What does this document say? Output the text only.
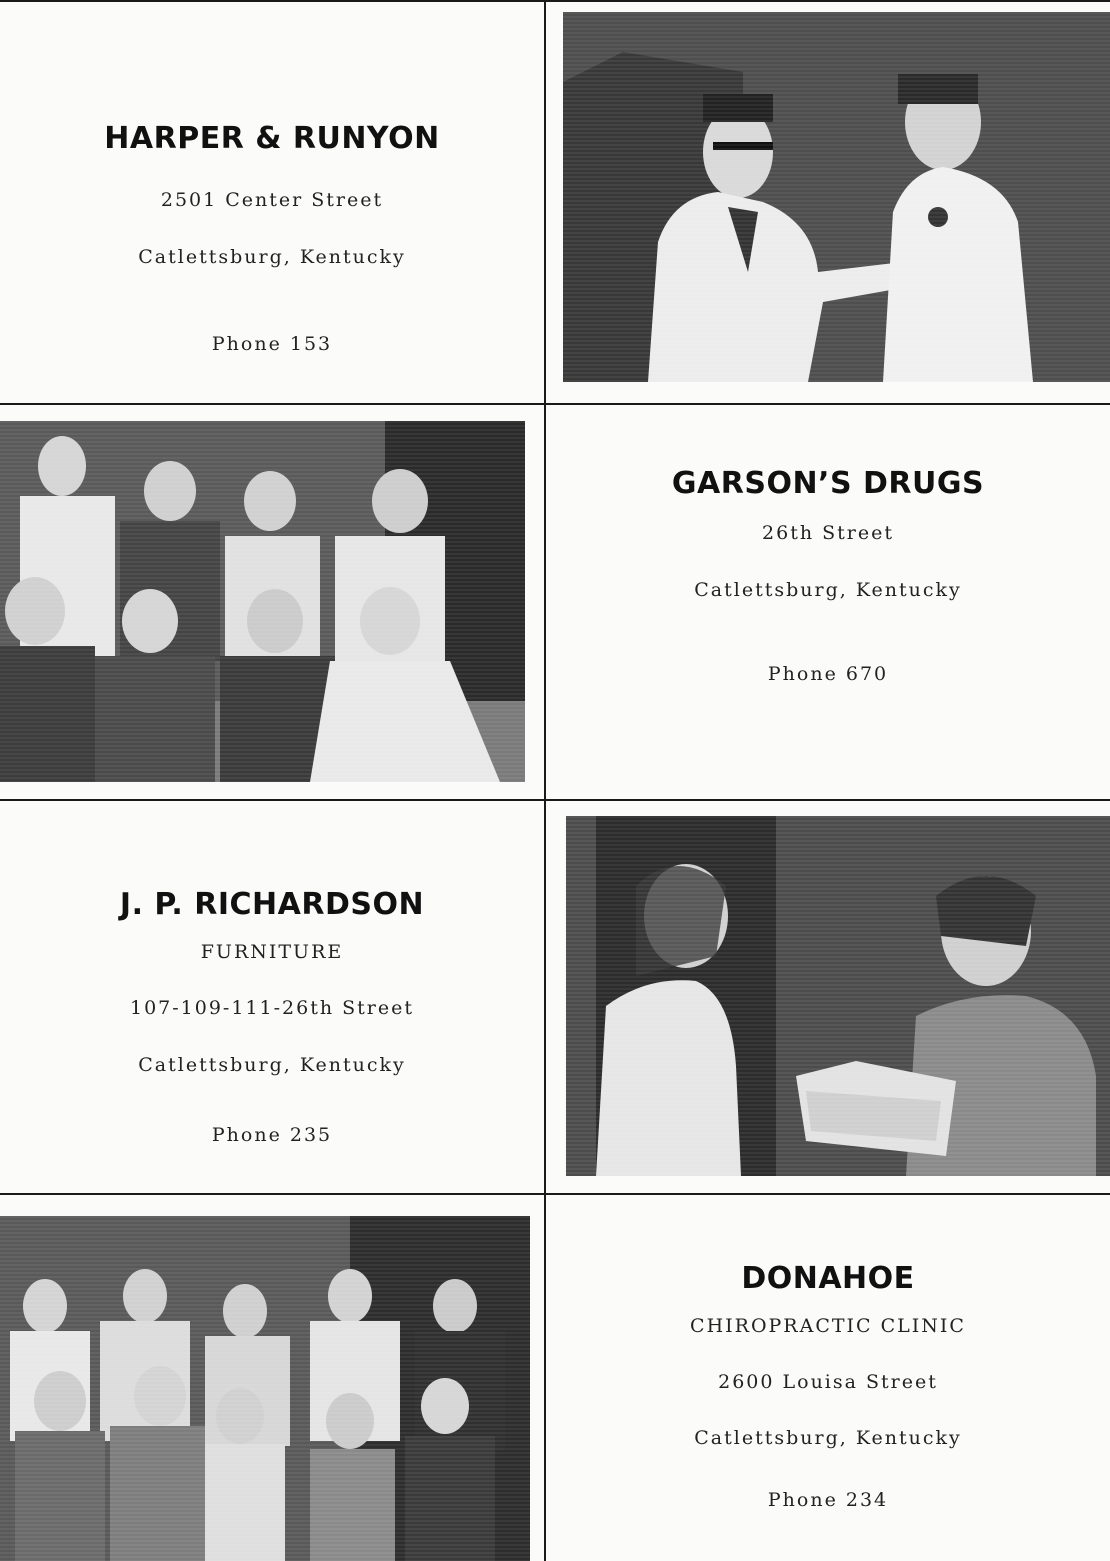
HARPER & RUNYON
2501 Center Street
Catlettsburg, Kentucky
Phone 153
GARSON’S DRUGS
26th Street
Catlettsburg, Kentucky
Phone 670
J. P. RICHARDSON
FURNITURE
107-109-111-26th Street
Catlettsburg, Kentucky
Phone 235
DONAHOE
CHIROPRACTIC CLINIC
2600 Louisa Street
Catlettsburg, Kentucky
Phone 234
